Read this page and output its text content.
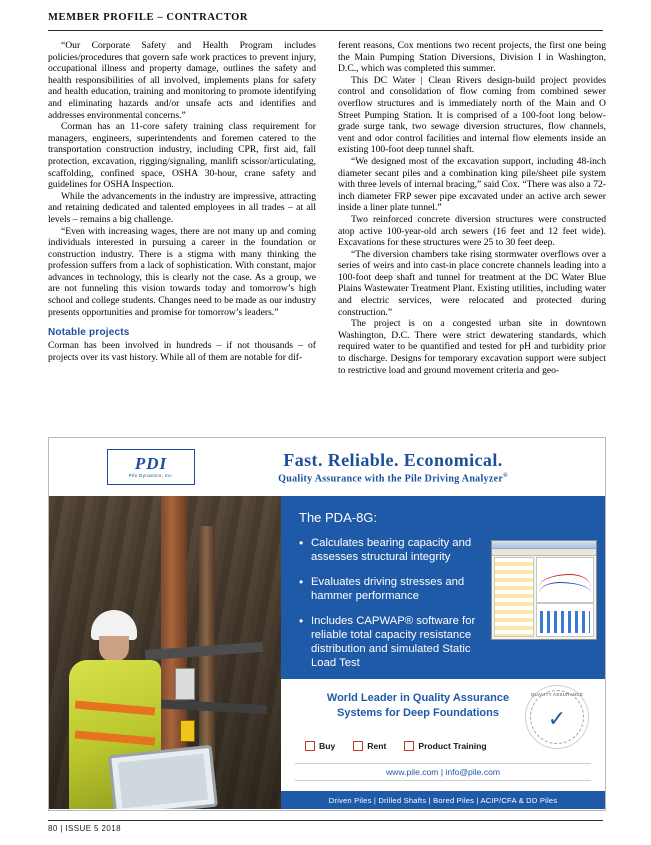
MEMBER PROFILE – CONTRACTOR

“Our Corporate Safety and Health Program includes policies/procedures that govern safe work practices to prevent injury, occupational illness and property damage, outlines the safety and health responsibilities of all involved, implements plans for safety and health education, training and monitoring to promote identifying and eliminating hazards and/or unsafe acts and identifies and addresses environmental concerns.”

Corman has an 11-core safety training class requirement for managers, engineers, superintendents and foremen catered to the transportation construction industry, including CPR, first aid, fall protection, excavation, rigging/signaling, manlift scissor/articulating, scaffolding, confined space, OSHA 30-hour, crane safety and guidelines for OSHA Inspection.

While the advancements in the industry are impressive, attracting and retaining dedicated and talented employees in all trades – at all levels – remains a big challenge.

“Even with increasing wages, there are not many up and coming individuals interested in pursuing a career in the foundation or construction industry. There is a stigma with many thinking the profession suffers from a lack of sophistication. With constant, major advances in technology, this is clearly not the case. As a group, we are not funneling this vision towards today and tomorrow’s high school and college students. Changes need to be made as our industry presents opportunities and promise for tomorrow’s leaders.”

Notable projects

Corman has been involved in hundreds – if not thousands – of projects over its vast history. While all of them are notable for dif-

ferent reasons, Cox mentions two recent projects, the first one being the Main Pumping Station Diversions, Division I in Washington, D.C., which was completed this summer.

This DC Water | Clean Rivers design-build project provides control and consolidation of flow coming from combined sewer overflow structures and is immediately north of the Main and O Street Pumping Station. It is comprised of a 100-foot long below-grade surge tank, two sewage diversion structures, flow channels, vent and odor control facilities and internal flow elements inside an existing 100-foot deep tunnel shaft.

“We designed most of the excavation support, including 48-inch diameter secant piles and a combination king pile/sheet pile system with three levels of internal bracing,” said Cox. “There was also a 72-inch diameter FRP sewer pipe excavated under an active arch sewer inside a liner plate tunnel.”

Two reinforced concrete diversion structures were constructed atop active 100-year-old arch sewers (16 feet and 12 feet wide). Excavations for these structures were 25 to 30 feet deep.

“The diversion chambers take rising stormwater overflows over a series of weirs and into cast-in place concrete channels leading into a 100-foot deep shaft and tunnel for treatment at the DC Water Blue Plains Wastewater Treatment Plant. Existing utilities, including water and electric services, were relocated and protected during construction.”

The project is on a congested urban site in downtown Washington, D.C. There were strict dewatering standards, which required water to be quantified and tested for pH and turbidity prior to discharge. Designs for temporary excavation support were subject to restrictive load and ground movement criteria and geo-

PDI
Pile Dynamics, Inc.
Fast. Reliable. Economical.
Quality Assurance with the Pile Driving Analyzer®
The PDA-8G:
• Calculates bearing capacity and assesses structural integrity
• Evaluates driving stresses and hammer performance
• Includes CAPWAP® software for reliable total capacity resistance distribution and simulated Static Load Test
World Leader in Quality Assurance
Systems for Deep Foundations
QUALITY ASSURANCE
✓
Buy	Rent	Product Training
www.pile.com | info@pile.com
Driven Piles | Drilled Shafts | Bored Piles | ACIP/CFA & DD Piles
80 | ISSUE 5 2018
